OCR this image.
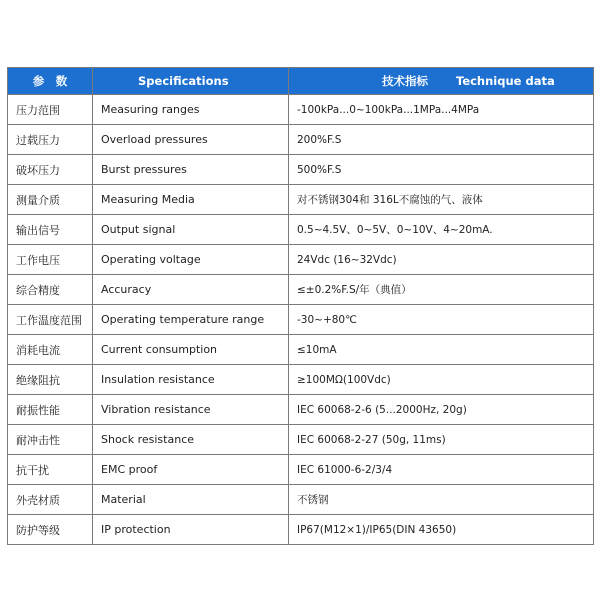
参　数	Specifications	技术指标 Technique data
压力范围	Measuring ranges	-100kPa...0~100kPa...1MPa...4MPa
过载压力	Overload pressures	200%F.S
破坏压力	Burst pressures	500%F.S
测量介质	Measuring Media	对不锈钢304和 316L不腐蚀的气、液体
输出信号	Output signal	0.5~4.5V、0~5V、0~10V、4~20mA.
工作电压	Operating voltage	24Vdc (16~32Vdc)
综合精度	Accuracy	≤±0.2%F.S/年（典值）
工作温度范围	Operating temperature range	-30~+80℃
消耗电流	Current consumption	≤10mA
绝缘阻抗	Insulation resistance	≥100MΩ(100Vdc)
耐振性能	Vibration resistance	IEC 60068-2-6 (5...2000Hz, 20g)
耐冲击性	Shock resistance	IEC 60068-2-27 (50g, 11ms)
抗干扰	EMC proof	IEC 61000-6-2/3/4
外壳材质	Material	不锈钢
防护等级	IP protection	IP67(M12×1)/IP65(DIN 43650)
